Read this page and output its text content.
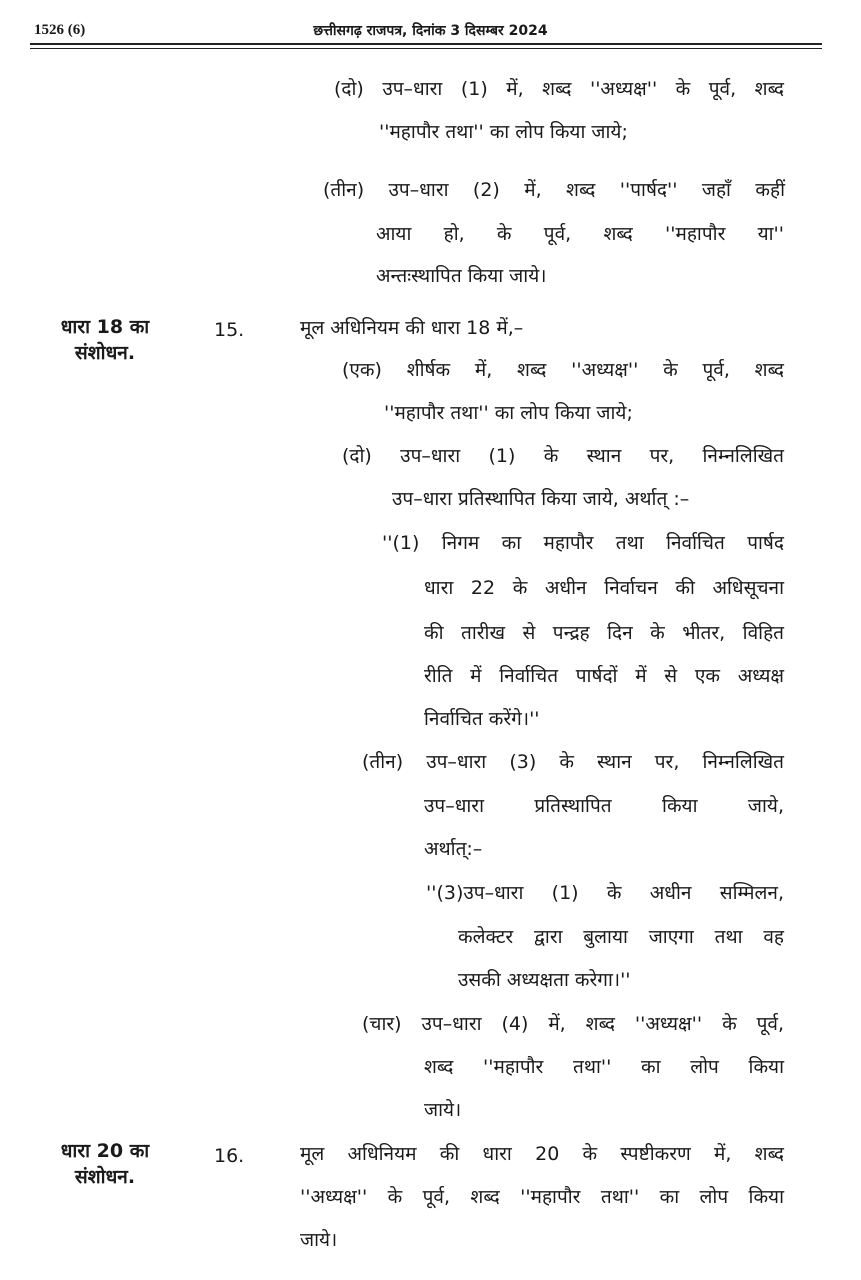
1526 (6)	छत्तीसगढ़ राजपत्र, दिनांक 3 दिसम्बर 2024
(दो) उप–धारा (1) में, शब्द ''अध्यक्ष'' के पूर्व, शब्द
''महापौर तथा'' का लोप किया जाये;
(तीन) उप–धारा (2) में, शब्द ''पार्षद'' जहाँ कहीं
आया हो, के पूर्व, शब्द ''महापौर या''
अन्तःस्थापित किया जाये।
धारा 18 का
संशोधन.
15.	मूल अधिनियम की धारा 18 में,–
(एक) शीर्षक में, शब्द ''अध्यक्ष'' के पूर्व, शब्द
''महापौर तथा'' का लोप किया जाये;
(दो) उप–धारा (1) के स्थान पर, निम्नलिखित
उप–धारा प्रतिस्थापित किया जाये, अर्थात् :–
''(1) निगम का महापौर तथा निर्वाचित पार्षद
धारा 22 के अधीन निर्वाचन की अधिसूचना
की तारीख से पन्द्रह दिन के भीतर, विहित
रीति में निर्वाचित पार्षदों में से एक अध्यक्ष
निर्वाचित करेंगे।''
(तीन) उप–धारा (3) के स्थान पर, निम्नलिखित
उप–धारा प्रतिस्थापित किया जाये,
अर्थात्:–
''(3)उप–धारा (1) के अधीन सम्मिलन,
कलेक्टर द्वारा बुलाया जाएगा तथा वह
उसकी अध्यक्षता करेगा।''
(चार) उप–धारा (4) में, शब्द ''अध्यक्ष'' के पूर्व,
शब्द ''महापौर तथा'' का लोप किया
जाये।
धारा 20 का
संशोधन.
16.	मूल अधिनियम की धारा 20 के स्पष्टीकरण में, शब्द
''अध्यक्ष'' के पूर्व, शब्द ''महापौर तथा'' का लोप किया
जाये।
